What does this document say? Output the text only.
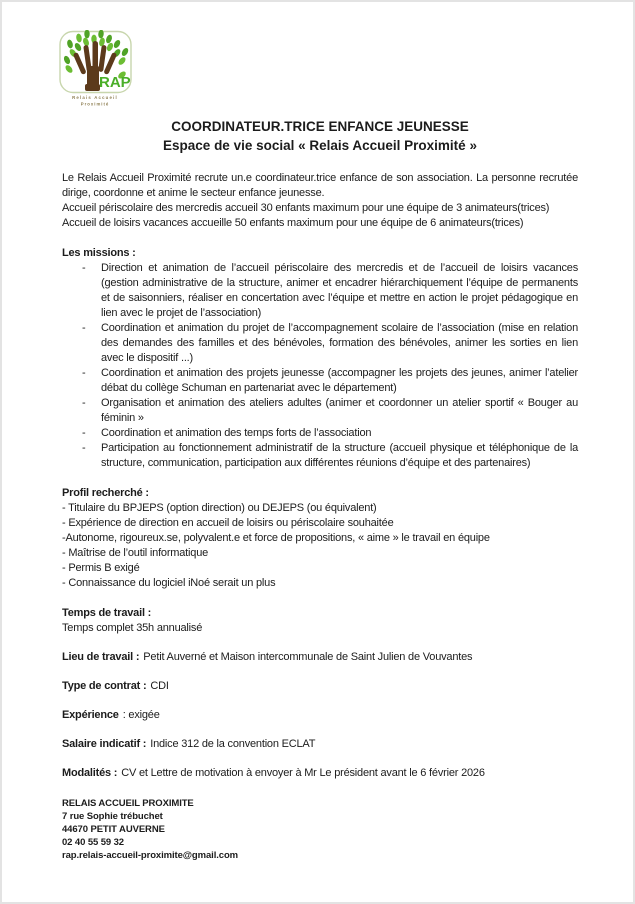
RAP
Relais Accueil
Proximité
COORDINATEUR.TRICE ENFANCE JEUNESSE
Espace de vie social « Relais Accueil Proximité »

Le Relais Accueil Proximité recrute un.e coordinateur.trice enfance de son association. La personne recrutée dirige, coordonne et anime le secteur enfance jeunesse.

Accueil périscolaire des mercredis accueil 30 enfants maximum pour une équipe de 3 animateurs(trices)

Accueil de loisirs vacances accueille 50 enfants maximum pour une équipe de 6 animateurs(trices)

Les missions :

- Direction et animation de l’accueil périscolaire des mercredis et de l’accueil de loisirs vacances (gestion administrative de la structure, animer et encadrer hiérarchiquement l’équipe de permanents et de saisonniers, réaliser en concertation avec l’équipe et mettre en action le projet pédagogique en lien avec le projet de l’association)
- Coordination et animation du projet de l’accompagnement scolaire de l’association (mise en relation des demandes des familles et des bénévoles, formation des bénévoles, animer les sorties en lien avec le dispositif ...)
- Coordination et animation des projets jeunesse (accompagner les projets des jeunes, animer l’atelier débat du collège Schuman en partenariat avec le département)
- Organisation et animation des ateliers adultes (animer et coordonner un atelier sportif « Bouger au féminin »
- Coordination et animation des temps forts de l’association
- Participation au fonctionnement administratif de la structure (accueil physique et téléphonique de la structure, communication, participation aux différentes réunions d’équipe et des partenaires)

Profil recherché :

- Titulaire du BPJEPS (option direction) ou DEJEPS (ou équivalent)

- Expérience de direction en accueil de loisirs ou périscolaire souhaitée

-Autonome, rigoureux.se, polyvalent.e et force de propositions, « aime » le travail en équipe

- Maîtrise de l’outil informatique

- Permis B exigé

- Connaissance du logiciel iNoé serait un plus

Temps de travail :

Temps complet 35h annualisé

Lieu de travail : Petit Auverné et Maison intercommunale de Saint Julien de Vouvantes

Type de contrat : CDI

Expérience : exigée

Salaire indicatif : Indice 312 de la convention ECLAT

Modalités : CV et Lettre de motivation à envoyer à Mr Le président avant le 6 février 2026

RELAIS ACCUEIL PROXIMITE
7 rue Sophie trébuchet
44670 PETIT AUVERNE
02 40 55 59 32
rap.relais-accueil-proximite@gmail.com
